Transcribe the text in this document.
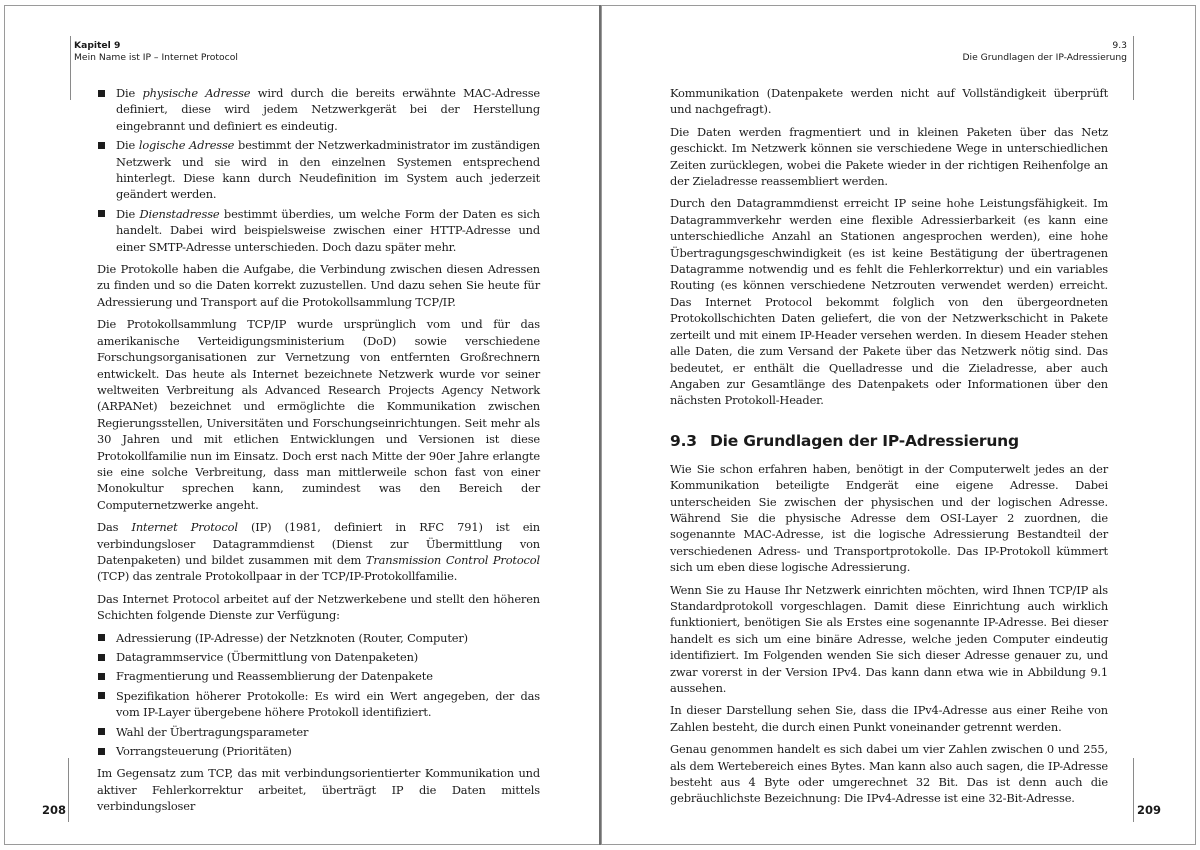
Kapitel 9
Mein Name ist IP – Internet Protocol
Die physische Adresse wird durch die bereits erwähnte MAC-Adresse definiert, diese wird jedem Netzwerkgerät bei der Herstellung eingebrannt und definiert es eindeutig.
Die logische Adresse bestimmt der Netzwerkadministrator im zuständigen Netzwerk und sie wird in den einzelnen Systemen entsprechend hinterlegt. Diese kann durch Neudefinition im System auch jederzeit geändert werden.
Die Dienstadresse bestimmt überdies, um welche Form der Daten es sich handelt. Dabei wird beispielsweise zwischen einer HTTP-Adresse und einer SMTP-Adresse unterschieden. Doch dazu später mehr.

Die Protokolle haben die Aufgabe, die Verbindung zwischen diesen Adressen zu finden und so die Daten korrekt zuzustellen. Und dazu sehen Sie heute für Adressierung und Transport auf die Protokollsammlung TCP/IP.

Die Protokollsammlung TCP/IP wurde ursprünglich vom und für das amerikanische Verteidigungsministerium (DoD) sowie verschiedene Forschungsorganisationen zur Vernetzung von entfernten Großrechnern entwickelt. Das heute als Internet bezeichnete Netzwerk wurde vor seiner weltweiten Verbreitung als Advanced Research Projects Agency Network (ARPANet) bezeichnet und ermöglichte die Kommunikation zwischen Regierungsstellen, Universitäten und Forschungseinrichtungen. Seit mehr als 30 Jahren und mit etlichen Entwicklungen und Versionen ist diese Protokollfamilie nun im Einsatz. Doch erst nach Mitte der 90er Jahre erlangte sie eine solche Verbreitung, dass man mittlerweile schon fast von einer Monokultur sprechen kann, zumindest was den Bereich der Computernetzwerke angeht.

Das Internet Protocol (IP) (1981, definiert in RFC 791) ist ein verbindungsloser Datagrammdienst (Dienst zur Übermittlung von Datenpaketen) und bildet zusammen mit dem Transmission Control Protocol (TCP) das zentrale Protokollpaar in der TCP/IP-Protokollfamilie.

Das Internet Protocol arbeitet auf der Netzwerkebene und stellt den höheren Schichten folgende Dienste zur Verfügung:

Adressierung (IP-Adresse) der Netzknoten (Router, Computer)
Datagrammservice (Übermittlung von Datenpaketen)
Fragmentierung und Reassemblierung der Datenpakete
Spezifikation höherer Protokolle: Es wird ein Wert angegeben, der das vom IP-Layer übergebene höhere Protokoll identifiziert.
Wahl der Übertragungsparameter
Vorrangsteuerung (Prioritäten)

Im Gegensatz zum TCP, das mit verbindungsorientierter Kommunikation und aktiver Fehlerkorrektur arbeitet, überträgt IP die Daten mittels verbindungsloser

208
9.3
Die Grundlagen der IP-Adressierung

Kommunikation (Datenpakete werden nicht auf Vollständigkeit überprüft und nachgefragt).

Die Daten werden fragmentiert und in kleinen Paketen über das Netz geschickt. Im Netzwerk können sie verschiedene Wege in unterschiedlichen Zeiten zurücklegen, wobei die Pakete wieder in der richtigen Reihenfolge an der Zieladresse reassembliert werden.

Durch den Datagrammdienst erreicht IP seine hohe Leistungsfähigkeit. Im Datagrammverkehr werden eine flexible Adressierbarkeit (es kann eine unterschiedliche Anzahl an Stationen angesprochen werden), eine hohe Übertragungsgeschwindigkeit (es ist keine Bestätigung der übertragenen Datagramme notwendig und es fehlt die Fehlerkorrektur) und ein variables Routing (es können verschiedene Netzrouten verwendet werden) erreicht. Das Internet Protocol bekommt folglich von den übergeordneten Protokollschichten Daten geliefert, die von der Netzwerkschicht in Pakete zerteilt und mit einem IP-Header versehen werden. In diesem Header stehen alle Daten, die zum Versand der Pakete über das Netzwerk nötig sind. Das bedeutet, er enthält die Quelladresse und die Zieladresse, aber auch Angaben zur Gesamtlänge des Datenpakets oder Informationen über den nächsten Protokoll-Header.

9.3 Die Grundlagen der IP-Adressierung

Wie Sie schon erfahren haben, benötigt in der Computerwelt jedes an der Kommunikation beteiligte Endgerät eine eigene Adresse. Dabei unterscheiden Sie zwischen der physischen und der logischen Adresse. Während Sie die physische Adresse dem OSI-Layer 2 zuordnen, die sogenannte MAC-Adresse, ist die logische Adressierung Bestandteil der verschiedenen Adress- und Transportprotokolle. Das IP-Protokoll kümmert sich um eben diese logische Adressierung.

Wenn Sie zu Hause Ihr Netzwerk einrichten möchten, wird Ihnen TCP/IP als Standardprotokoll vorgeschlagen. Damit diese Einrichtung auch wirklich funktioniert, benötigen Sie als Erstes eine sogenannte IP-Adresse. Bei dieser handelt es sich um eine binäre Adresse, welche jeden Computer eindeutig identifiziert. Im Folgenden wenden Sie sich dieser Adresse genauer zu, und zwar vorerst in der Version IPv4. Das kann dann etwa wie in Abbildung 9.1 aussehen.

In dieser Darstellung sehen Sie, dass die IPv4-Adresse aus einer Reihe von Zahlen besteht, die durch einen Punkt voneinander getrennt werden.

Genau genommen handelt es sich dabei um vier Zahlen zwischen 0 und 255, als dem Wertebereich eines Bytes. Man kann also auch sagen, die IP-Adresse besteht aus 4 Byte oder umgerechnet 32 Bit. Das ist denn auch die gebräuchlichste Bezeichnung: Die IPv4-Adresse ist eine 32-Bit-Adresse.

209
